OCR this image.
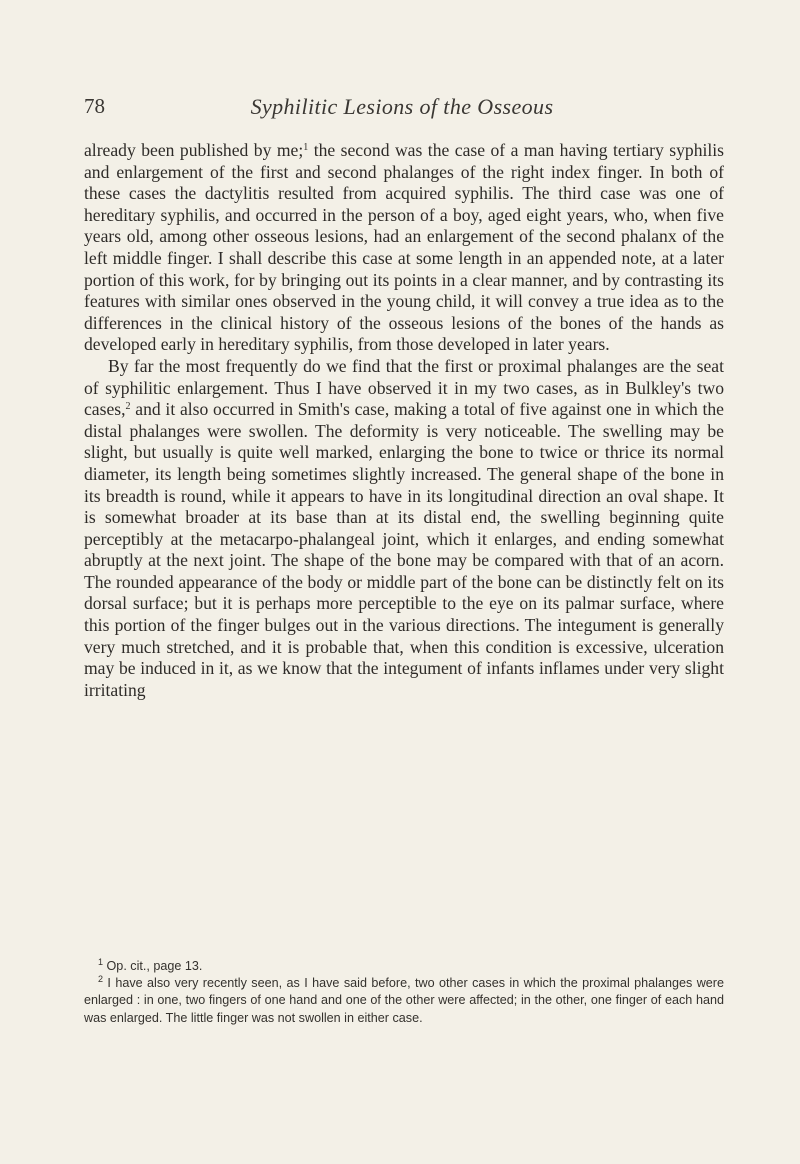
78	Syphilitic Lesions of the Osseous

already been published by me;$^1$ the second was the case of a man having tertiary syphilis and enlargement of the first and second phalanges of the right index finger. In both of these cases the dactylitis resulted from acquired syphilis. The third case was one of hereditary syphilis, and occurred in the person of a boy, aged eight years, who, when five years old, among other osseous lesions, had an enlargement of the second phalanx of the left middle finger. I shall describe this case at some length in an appended note, at a later portion of this work, for by bringing out its points in a clear manner, and by contrasting its features with similar ones observed in the young child, it will convey a true idea as to the differences in the clinical history of the osseous lesions of the bones of the hands as developed early in hereditary syphilis, from those developed in later years.

By far the most frequently do we find that the first or proximal phalanges are the seat of syphilitic enlargement. Thus I have observed it in my two cases, as in Bulkley's two cases,$^2$ and it also occurred in Smith's case, making a total of five against one in which the distal phalanges were swollen. The deformity is very noticeable. The swelling may be slight, but usually is quite well marked, enlarging the bone to twice or thrice its normal diameter, its length being sometimes slightly increased. The general shape of the bone in its breadth is round, while it appears to have in its longitudinal direction an oval shape. It is somewhat broader at its base than at its distal end, the swelling beginning quite perceptibly at the metacarpo-phalangeal joint, which it enlarges, and ending somewhat abruptly at the next joint. The shape of the bone may be compared with that of an acorn. The rounded appearance of the body or middle part of the bone can be distinctly felt on its dorsal surface; but it is perhaps more perceptible to the eye on its palmar surface, where this portion of the finger bulges out in the various directions. The integument is generally very much stretched, and it is probable that, when this condition is excessive, ulceration may be induced in it, as we know that the integument of infants inflames under very slight irritating

$^1$ Op. cit., page 13.

$^2$ I have also very recently seen, as I have said before, two other cases in which the proximal phalanges were enlarged : in one, two fingers of one hand and one of the other were affected; in the other, one finger of each hand was enlarged. The little finger was not swollen in either case.
